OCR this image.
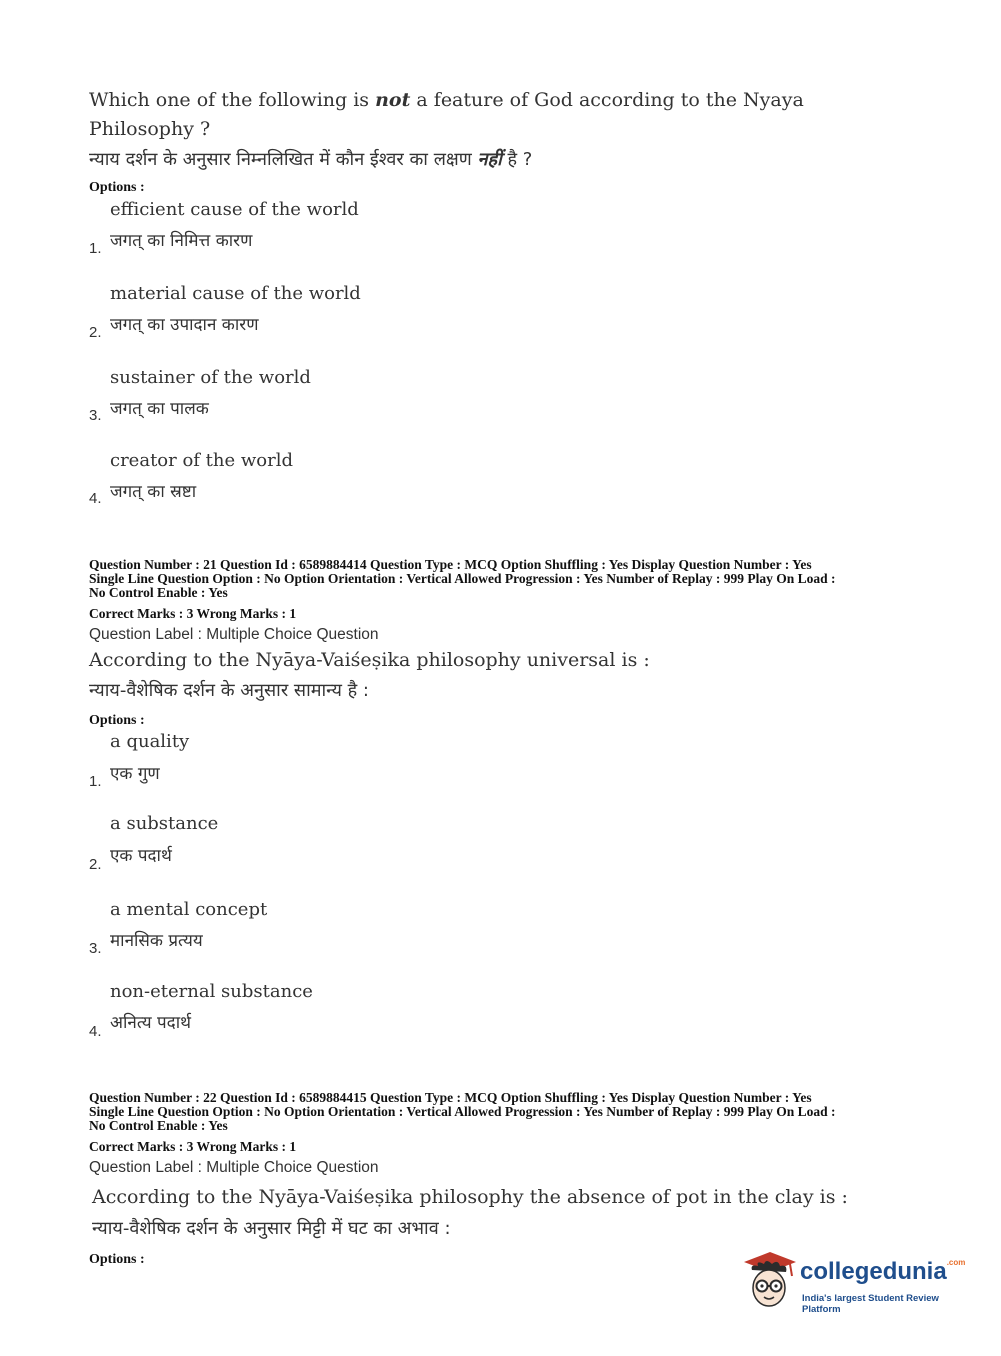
Which one of the following is not a feature of God according to the Nyaya
Philosophy ?
न्याय दर्शन के अनुसार निम्नलिखित में कौन ईश्वर का लक्षण नहीं है ?
Options :
efficient cause of the world
जगत् का निमित्त कारण
1.
material cause of the world
जगत् का उपादान कारण
2.
sustainer of the world
जगत् का पालक
3.
creator of the world
जगत् का स्रष्टा
4.
Question Number : 21 Question Id : 6589884414 Question Type : MCQ Option Shuffling : Yes Display Question Number : Yes
Single Line Question Option : No Option Orientation : Vertical Allowed Progression : Yes Number of Replay : 999 Play On Load :
No Control Enable : Yes
Correct Marks : 3 Wrong Marks : 1
Question Label : Multiple Choice Question
According to the Nyāya-Vaiśeṣika philosophy universal is :
न्याय-वैशेषिक दर्शन के अनुसार सामान्य है :
Options :
a quality
एक गुण
1.
a substance
एक पदार्थ
2.
a mental concept
मानसिक प्रत्यय
3.
non-eternal substance
अनित्य पदार्थ
4.
Question Number : 22 Question Id : 6589884415 Question Type : MCQ Option Shuffling : Yes Display Question Number : Yes
Single Line Question Option : No Option Orientation : Vertical Allowed Progression : Yes Number of Replay : 999 Play On Load :
No Control Enable : Yes
Correct Marks : 3 Wrong Marks : 1
Question Label : Multiple Choice Question
According to the Nyāya-Vaiśeṣika philosophy the absence of pot in the clay is :
न्याय-वैशेषिक दर्शन के अनुसार मिट्टी में घट का अभाव :
Options :	collegedunia$^{.com}$
India's largest Student Review Platform
